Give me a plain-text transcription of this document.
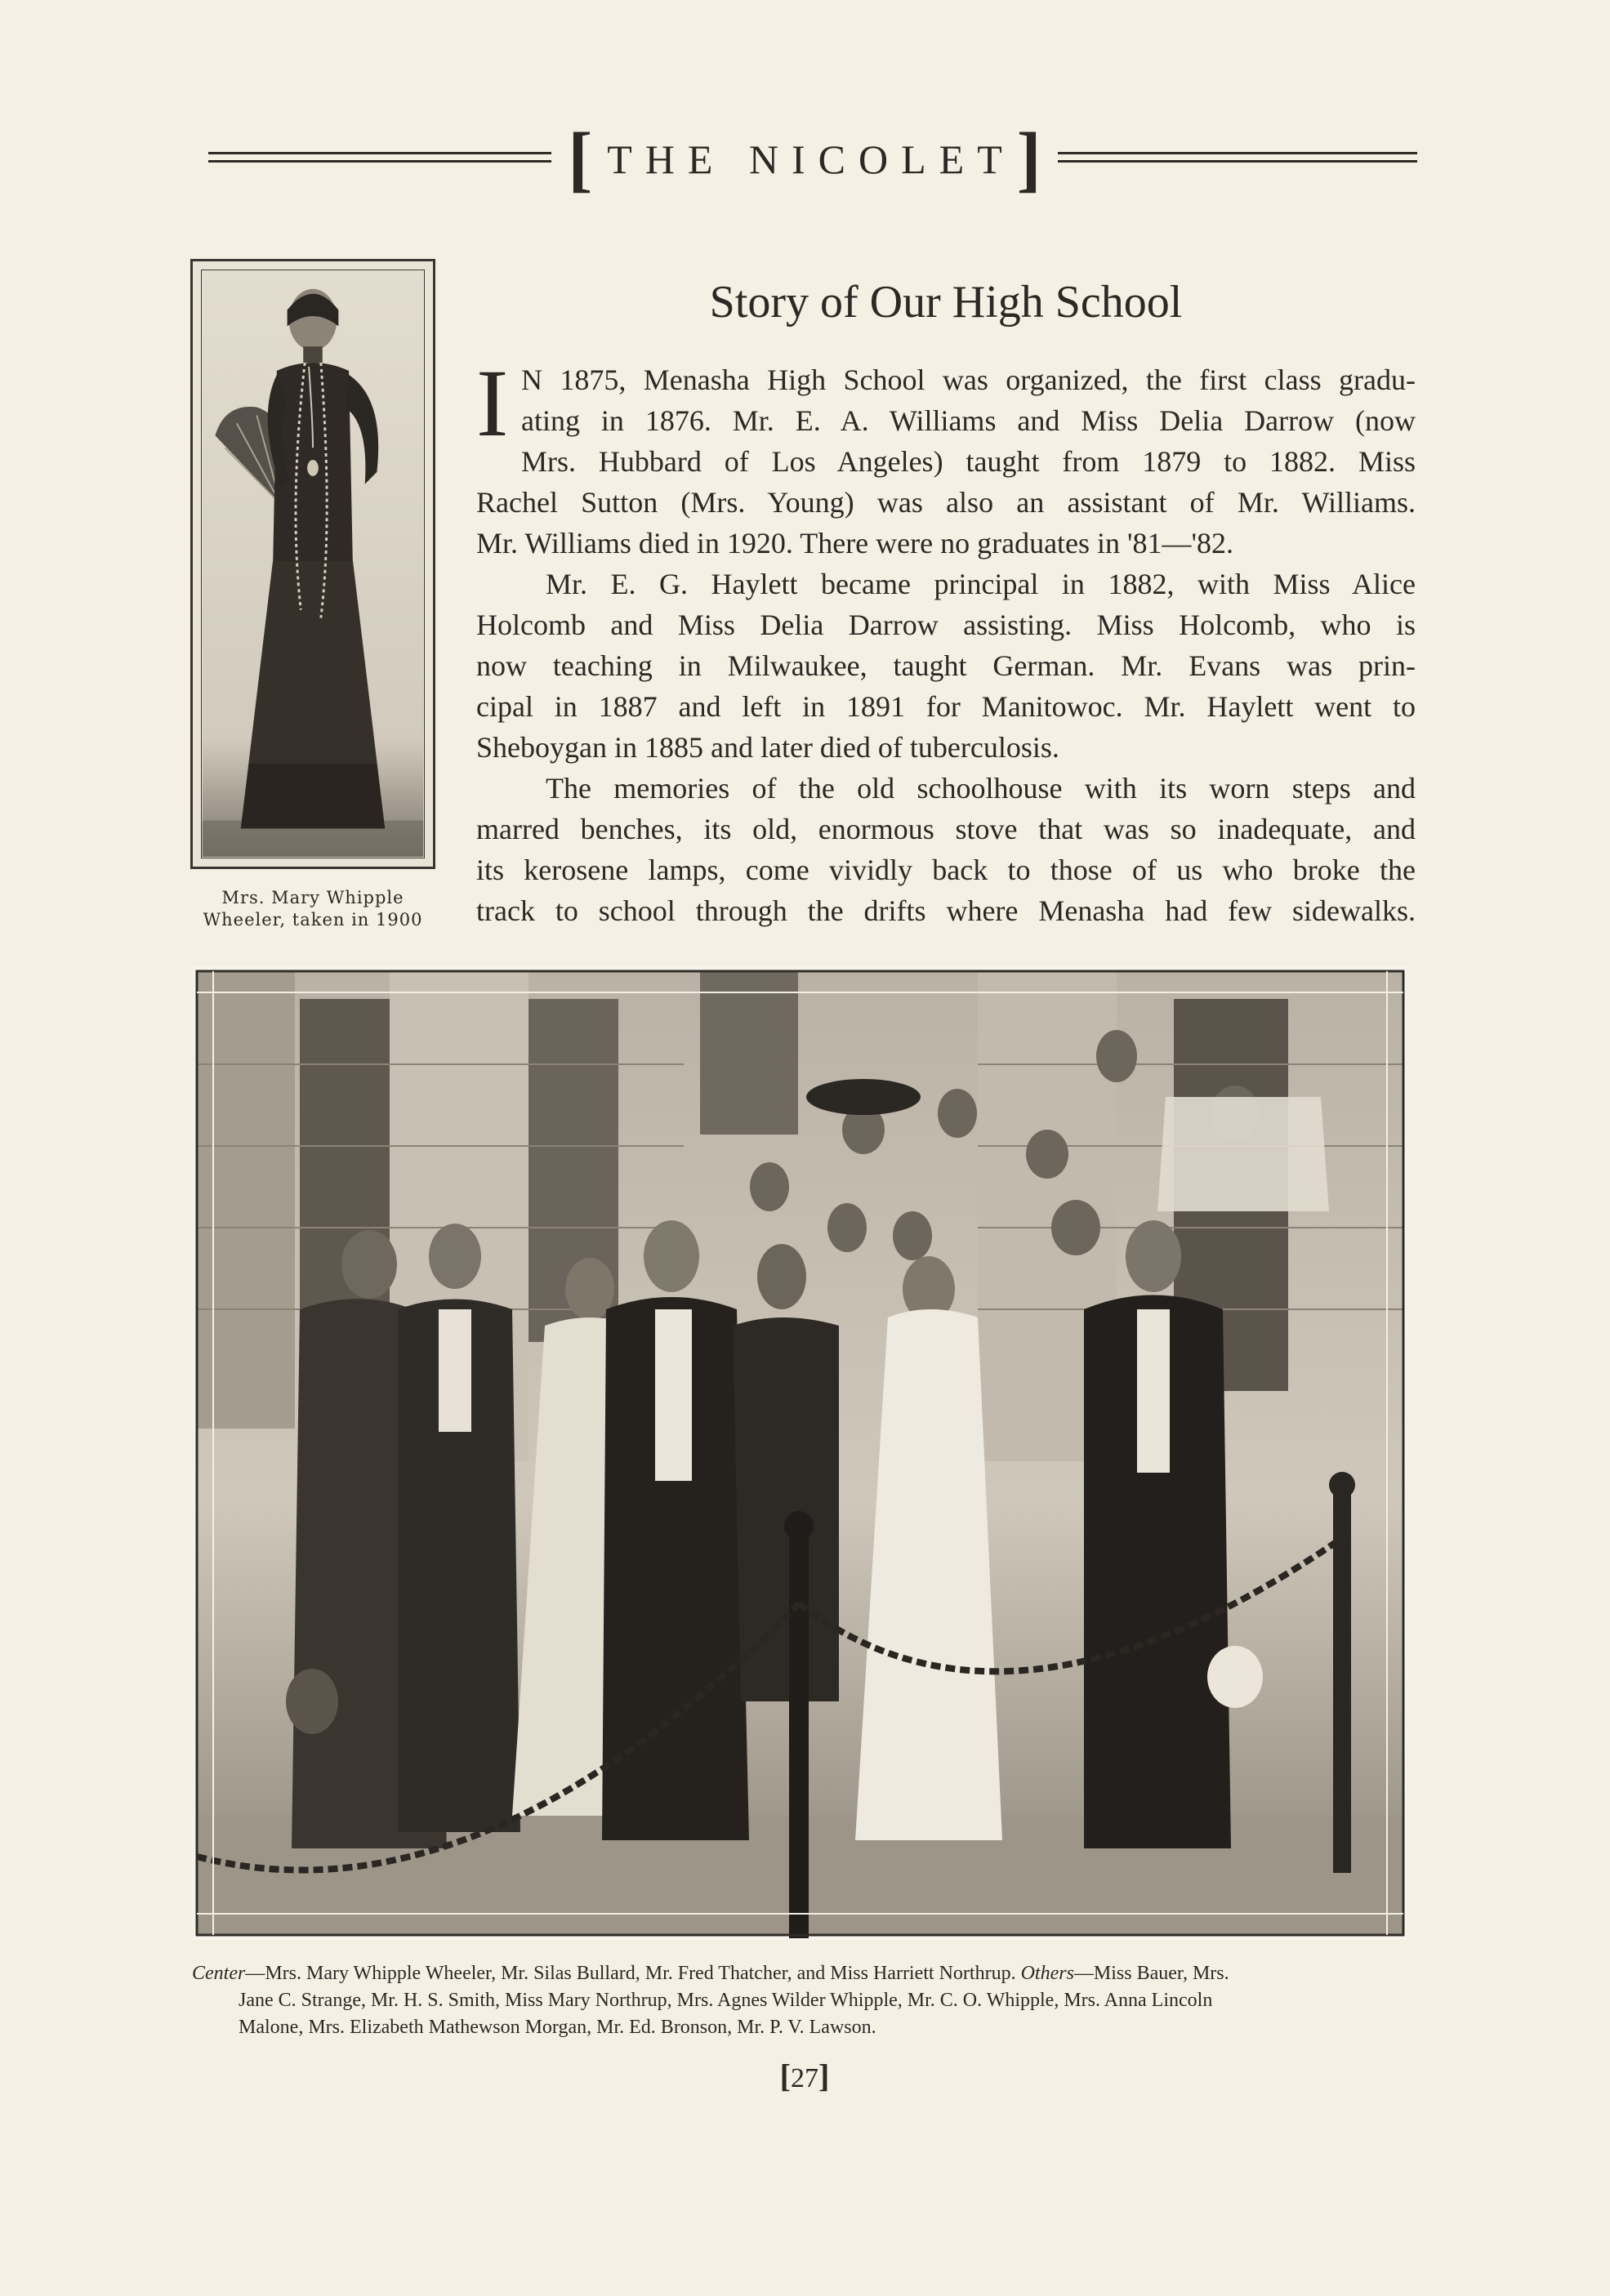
[ THE NICOLET ]
Mrs. Mary Whipple
Wheeler, taken in 1900
Story of Our High School
I N 1875, Menasha High School was organized, the first class gradu-
ating in 1876. Mr. E. A. Williams and Miss Delia Darrow (now
Mrs. Hubbard of Los Angeles) taught from 1879 to 1882. Miss
Rachel Sutton (Mrs. Young) was also an assistant of Mr. Williams.
Mr. Williams died in 1920. There were no graduates in '81—'82.
Mr. E. G. Haylett became principal in 1882, with Miss Alice
Holcomb and Miss Delia Darrow assisting. Miss Holcomb, who is
now teaching in Milwaukee, taught German. Mr. Evans was prin-
cipal in 1887 and left in 1891 for Manitowoc. Mr. Haylett went to
Sheboygan in 1885 and later died of tuberculosis.
The memories of the old schoolhouse with its worn steps and
marred benches, its old, enormous stove that was so inadequate, and
its kerosene lamps, come vividly back to those of us who broke the
track to school through the drifts where Menasha had few sidewalks.
Center—Mrs. Mary Whipple Wheeler, Mr. Silas Bullard, Mr. Fred Thatcher, and Miss Harriett Northrup. Others—Miss Bauer, Mrs.
Jane C. Strange, Mr. H. S. Smith, Miss Mary Northrup, Mrs. Agnes Wilder Whipple, Mr. C. O. Whipple, Mrs. Anna Lincoln
Malone, Mrs. Elizabeth Mathewson Morgan, Mr. Ed. Bronson, Mr. P. V. Lawson.
[27]
